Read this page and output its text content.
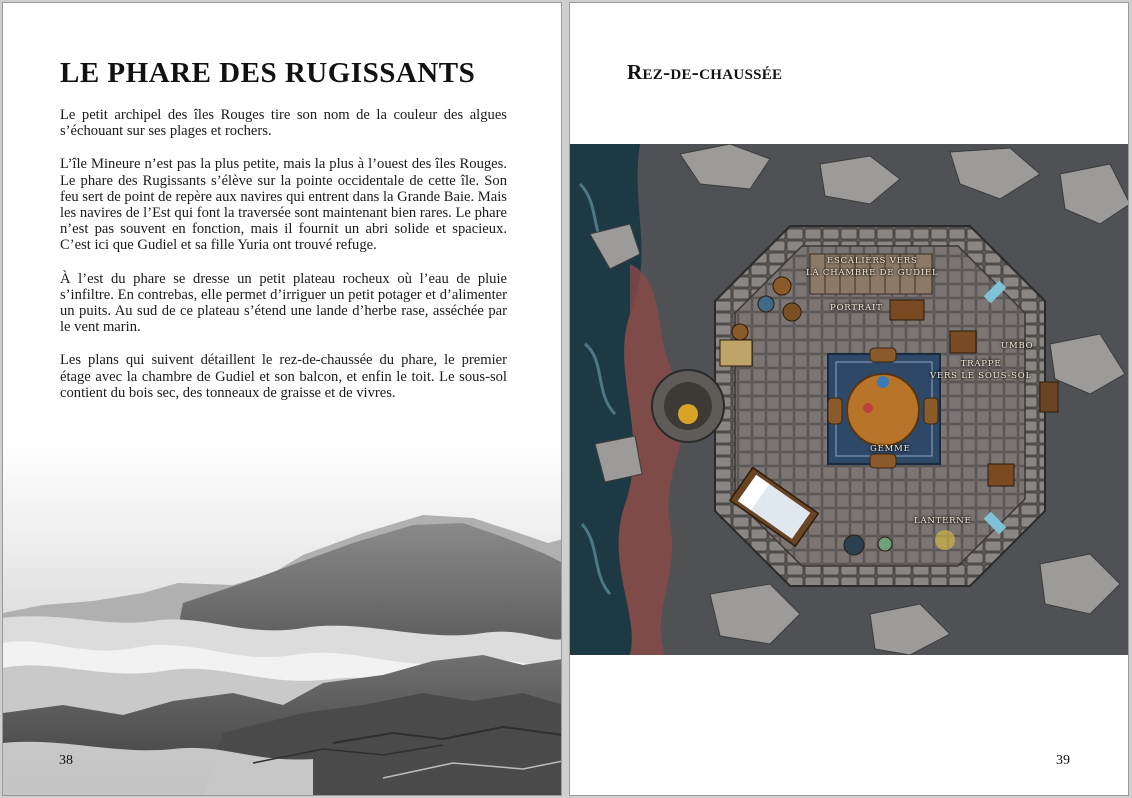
LE PHARE DES RUGISSANTS

Le petit archipel des îles Rouges tire son nom de la couleur des algues s’échouant sur ses plages et rochers.

L’île Mineure n’est pas la plus petite, mais la plus à l’ouest des îles Rouges. Le phare des Rugissants s’élève sur la pointe occidentale de cette île. Son feu sert de point de repère aux navires qui entrent dans la Grande Baie. Mais les navires de l’Est qui font la traversée sont maintenant bien rares. Le phare n’est pas souvent en fonction, mais il fournit un abri solide et spacieux. C’est ici que Gudiel et sa fille Yuria ont trouvé refuge.

À l’est du phare se dresse un petit plateau rocheux où l’eau de pluie s’infiltre. En contrebas, elle permet d’irriguer un petit potager et d’alimenter un puits. Au sud de ce plateau s’étend une lande d’herbe rase, asséchée par le vent marin.

Les plans qui suivent détaillent le rez-de-chaussée du phare, le premier étage avec la chambre de Gudiel et son balcon, et enfin le toit. Le sous-sol contient du bois sec, des tonneaux de graisse et de vivres.

38
Rez-de-chaussée
ESCALIERS VERS
LA CHAMBRE DE GUDIEL
PORTRAIT
UMBO
TRAPPE
VERS LE SOUS-SOL
GEMME
LANTERNE
39
